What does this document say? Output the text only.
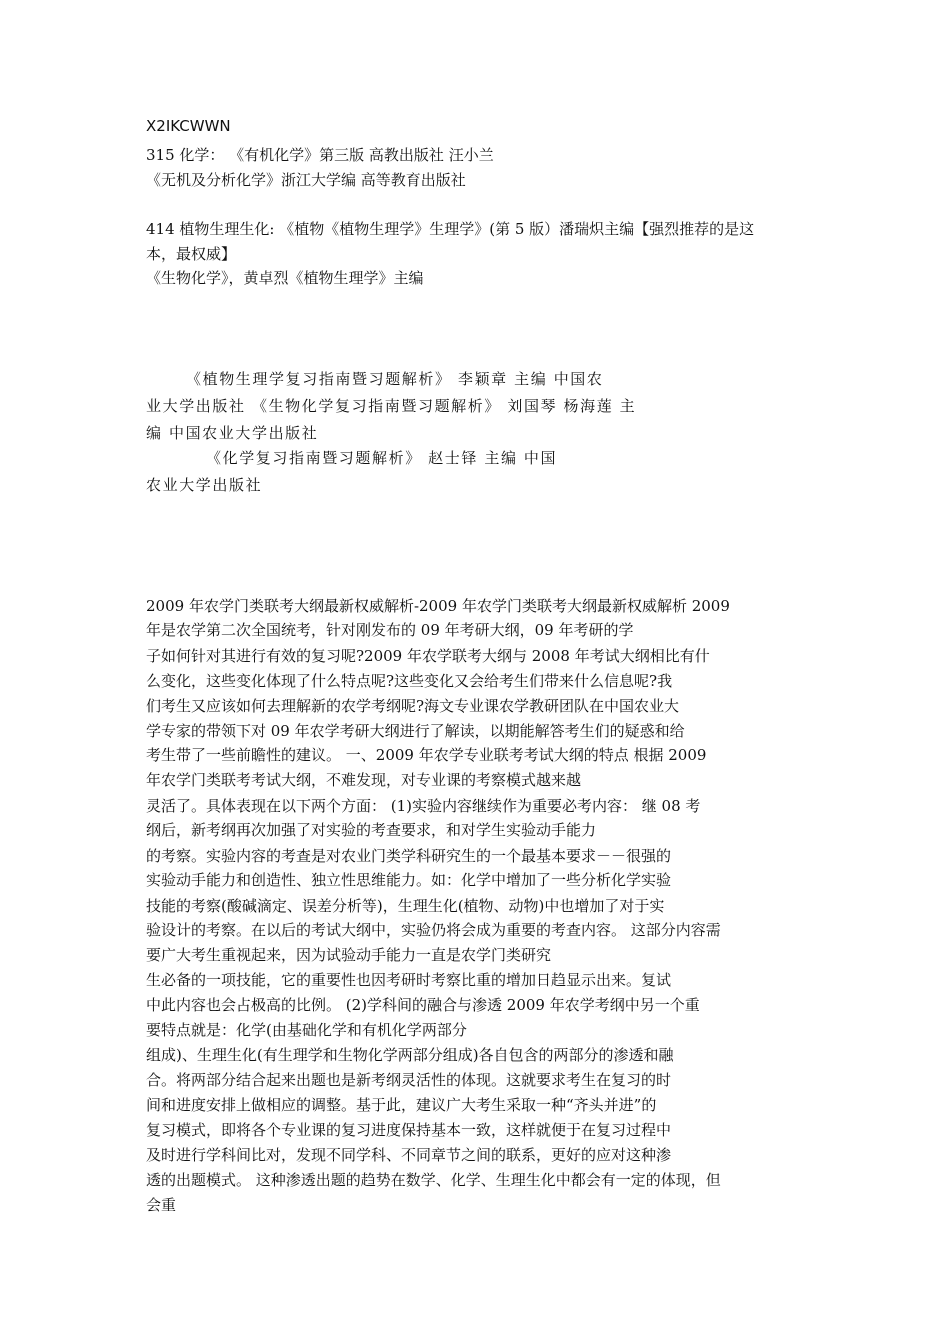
X2IKCWWN
315 化学： 《有机化学》第三版 高教出版社 汪小兰
《无机及分析化学》浙江大学编 高等教育出版社
414 植物生理生化: 《植物《植物生理学》生理学》(第 5 版）潘瑞炽主编【强烈推荐的是这
本，最权威】
《生物化学》，黄卓烈《植物生理学》主编
《植物生理学复习指南暨习题解析》 李颖章 主编 中国农
业大学出版社 《生物化学复习指南暨习题解析》 刘国琴 杨海莲 主
编 中国农业大学出版社
《化学复习指南暨习题解析》 赵士铎 主编 中国
农业大学出版社
2009 年农学门类联考大纲最新权威解析-2009 年农学门类联考大纲最新权威解析 2009
年是农学第二次全国统考，针对刚发布的 09 年考研大纲，09 年考研的学
子如何针对其进行有效的复习呢?2009 年农学联考大纲与 2008 年考试大纲相比有什
么变化，这些变化体现了什么特点呢?这些变化又会给考生们带来什么信息呢?我
们考生又应该如何去理解新的农学考纲呢?海文专业课农学教研团队在中国农业大
学专家的带领下对 09 年农学考研大纲进行了解读，以期能解答考生们的疑惑和给
考生带了一些前瞻性的建议。 一、2009 年农学专业联考考试大纲的特点 根据 2009
年农学门类联考考试大纲，不难发现，对专业课的考察模式越来越
灵活了。具体表现在以下两个方面： (1)实验内容继续作为重要必考内容： 继 08 考
纲后，新考纲再次加强了对实验的考查要求，和对学生实验动手能力
的考察。实验内容的考查是对农业门类学科研究生的一个最基本要求－－很强的
实验动手能力和创造性、独立性思维能力。如：化学中增加了一些分析化学实验
技能的考察(酸碱滴定、误差分析等)，生理生化(植物、动物)中也增加了对于实
验设计的考察。在以后的考试大纲中，实验仍将会成为重要的考查内容。 这部分内容需
要广大考生重视起来，因为试验动手能力一直是农学门类研究
生必备的一项技能，它的重要性也因考研时考察比重的增加日趋显示出来。复试
中此内容也会占极高的比例。 (2)学科间的融合与渗透 2009 年农学考纲中另一个重
要特点就是：化学(由基础化学和有机化学两部分
组成)、生理生化(有生理学和生物化学两部分组成)各自包含的两部分的渗透和融
合。将两部分结合起来出题也是新考纲灵活性的体现。这就要求考生在复习的时
间和进度安排上做相应的调整。基于此，建议广大考生采取一种“齐头并进”的
复习模式，即将各个专业课的复习进度保持基本一致，这样就便于在复习过程中
及时进行学科间比对，发现不同学科、不同章节之间的联系，更好的应对这种渗
透的出题模式。 这种渗透出题的趋势在数学、化学、生理生化中都会有一定的体现，但
会重
